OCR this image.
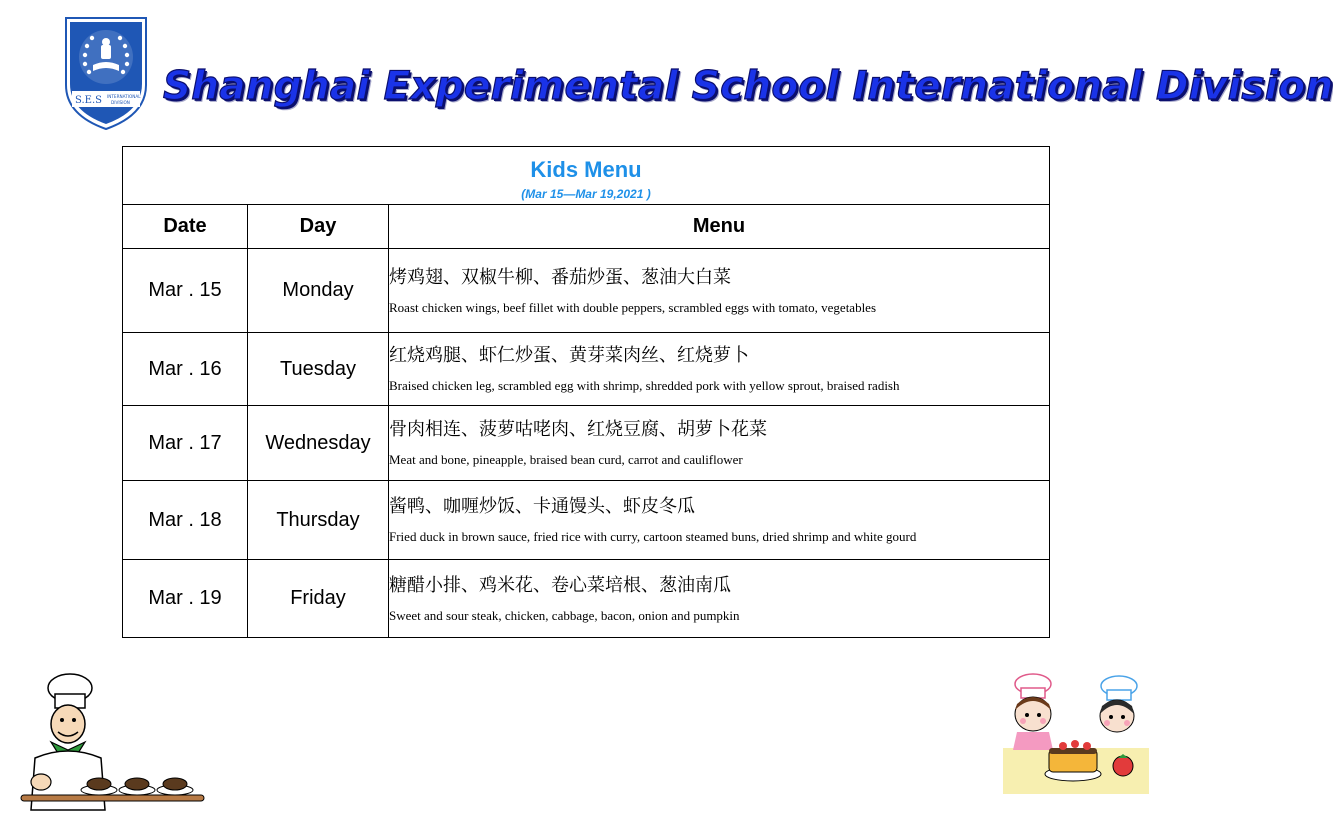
S.E.S INTERNATIONAL
DIVISION Shanghai Experimental School International Division
Kids Menu
(Mar 15—Mar 19,2021 )		

Date	Day	Menu
Mar . 15	Monday	烤鸡翅、双椒牛柳、番茄炒蛋、葱油大白菜
Roast chicken wings, beef fillet with double peppers, scrambled eggs with tomato, vegetables

Mar . 16	Tuesday	红烧鸡腿、虾仁炒蛋、黄芽菜肉丝、红烧萝卜
Braised chicken leg, scrambled egg with shrimp, shredded pork with yellow sprout, braised radish

Mar . 17	Wednesday	骨肉相连、菠萝咕咾肉、红烧豆腐、胡萝卜花菜
Meat and bone, pineapple, braised bean curd, carrot and cauliflower

Mar . 18	Thursday	酱鸭、咖喱炒饭、卡通馒头、虾皮冬瓜
Fried duck in brown sauce, fried rice with curry, cartoon steamed buns, dried shrimp and white gourd

Mar . 19	Friday	糖醋小排、鸡米花、卷心菜培根、葱油南瓜
Sweet and sour steak, chicken, cabbage, bacon, onion and pumpkin
